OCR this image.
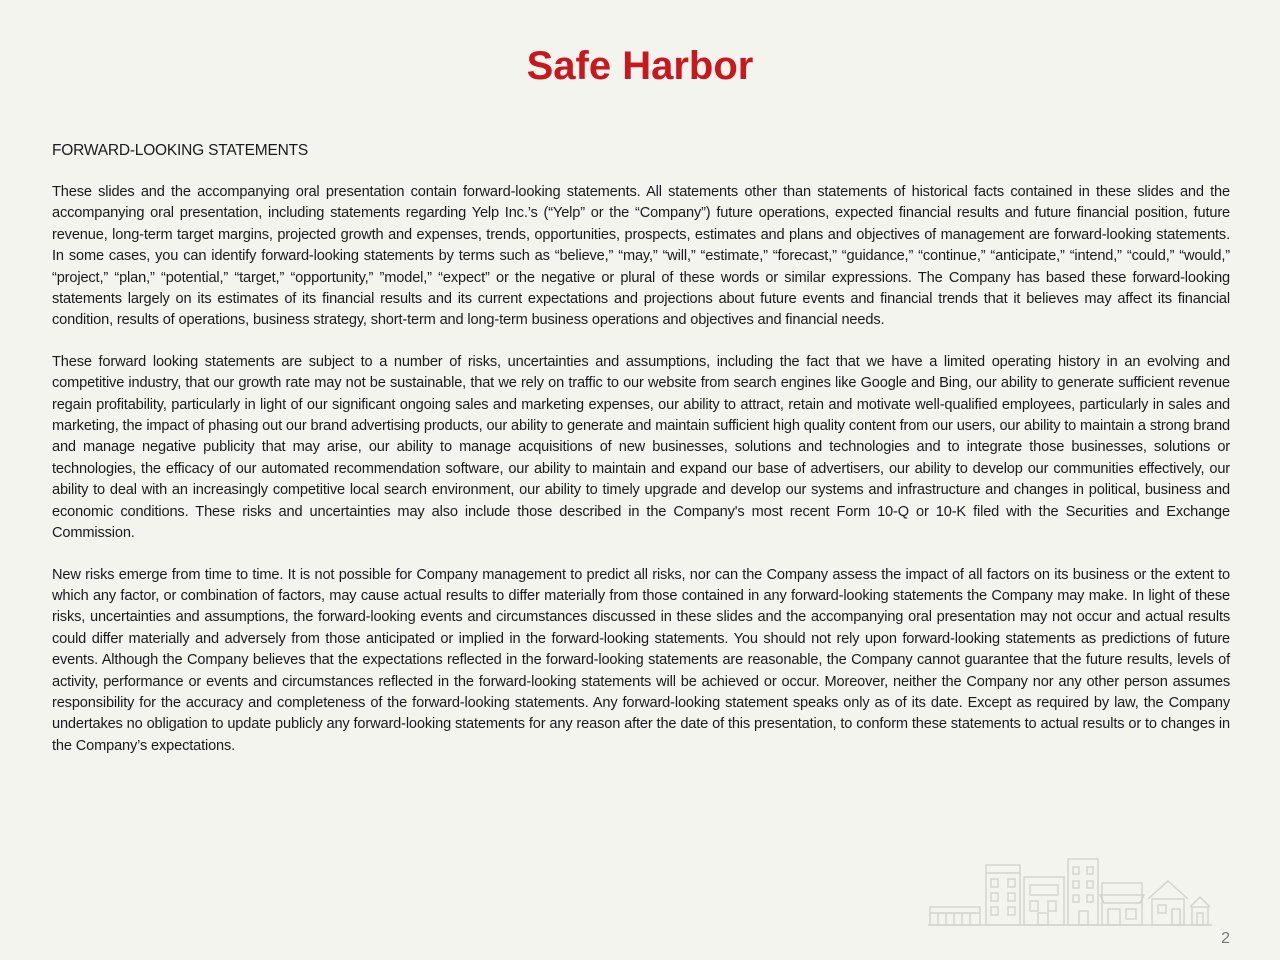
Safe Harbor
FORWARD-LOOKING STATEMENTS

These slides and the accompanying oral presentation contain forward-looking statements. All statements other than statements of historical facts contained in these slides and the accompanying oral presentation, including statements regarding Yelp Inc.’s (“Yelp” or the “Company”) future operations, expected financial results and future financial position, future revenue, long-term target margins, projected growth and expenses, trends, opportunities, prospects, estimates and plans and objectives of management are forward-looking statements. In some cases, you can identify forward-looking statements by terms such as “believe,” “may,” “will,” “estimate,” “forecast,” “guidance,” “continue,” “anticipate,” “intend,” “could,” “would,” “project,” “plan,” “potential,” “target,” “opportunity,” ”model,” “expect” or the negative or plural of these words or similar expressions. The Company has based these forward-looking statements largely on its estimates of its financial results and its current expectations and projections about future events and financial trends that it believes may affect its financial condition, results of operations, business strategy, short-term and long-term business operations and objectives and financial needs.

These forward looking statements are subject to a number of risks, uncertainties and assumptions, including the fact that we have a limited operating history in an evolving and competitive industry, that our growth rate may not be sustainable, that we rely on traffic to our website from search engines like Google and Bing, our ability to generate sufficient revenue regain profitability, particularly in light of our significant ongoing sales and marketing expenses, our ability to attract, retain and motivate well-qualified employees, particularly in sales and marketing, the impact of phasing out our brand advertising products, our ability to generate and maintain sufficient high quality content from our users, our ability to maintain a strong brand and manage negative publicity that may arise, our ability to manage acquisitions of new businesses, solutions and technologies and to integrate those businesses, solutions or technologies, the efficacy of our automated recommendation software, our ability to maintain and expand our base of advertisers, our ability to develop our communities effectively, our ability to deal with an increasingly competitive local search environment, our ability to timely upgrade and develop our systems and infrastructure and changes in political, business and economic conditions. These risks and uncertainties may also include those described in the Company's most recent Form 10-Q or 10-K filed with the Securities and Exchange Commission.

New risks emerge from time to time. It is not possible for Company management to predict all risks, nor can the Company assess the impact of all factors on its business or the extent to which any factor, or combination of factors, may cause actual results to differ materially from those contained in any forward-looking statements the Company may make. In light of these risks, uncertainties and assumptions, the forward-looking events and circumstances discussed in these slides and the accompanying oral presentation may not occur and actual results could differ materially and adversely from those anticipated or implied in the forward-looking statements. You should not rely upon forward-looking statements as predictions of future events. Although the Company believes that the expectations reflected in the forward-looking statements are reasonable, the Company cannot guarantee that the future results, levels of activity, performance or events and circumstances reflected in the forward-looking statements will be achieved or occur. Moreover, neither the Company nor any other person assumes responsibility for the accuracy and completeness of the forward-looking statements. Any forward-looking statement speaks only as of its date. Except as required by law, the Company undertakes no obligation to update publicly any forward-looking statements for any reason after the date of this presentation, to conform these statements to actual results or to changes in the Company’s expectations.

2
